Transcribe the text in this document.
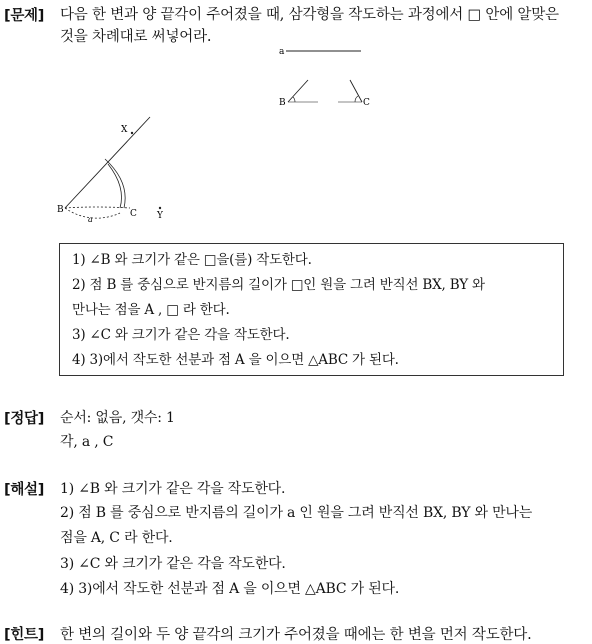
[문제] 다음 한 변과 양 끝각이 주어졌을 때, 삼각형을 작도하는 과정에서 □ 안에 알맞은
것을 차례대로 써넣어라.
a
B	C
X
B
a
C Y
1) ∠B 와 크기가 같은 □을(를) 작도한다.
2) 점 B 를 중심으로 반지름의 길이가 □인 원을 그려 반직선 BX, BY 와
만나는 점을 A , □ 라 한다.
3) ∠C 와 크기가 같은 각을 작도한다.
4) 3)에서 작도한 선분과 점 A 을 이으면 △ABC 가 된다.
[정답] 순서: 없음, 갯수: 1
각, a , C
[해설] 1) ∠B 와 크기가 같은 각을 작도한다.
2) 점 B 를 중심으로 반지름의 길이가 a 인 원을 그려 반직선 BX, BY 와 만나는
점을 A, C 라 한다.
3) ∠C 와 크기가 같은 각을 작도한다.
4) 3)에서 작도한 선분과 점 A 을 이으면 △ABC 가 된다.
[힌트] 한 변의 길이와 두 양 끝각의 크기가 주어졌을 때에는 한 변을 먼저 작도한다.
